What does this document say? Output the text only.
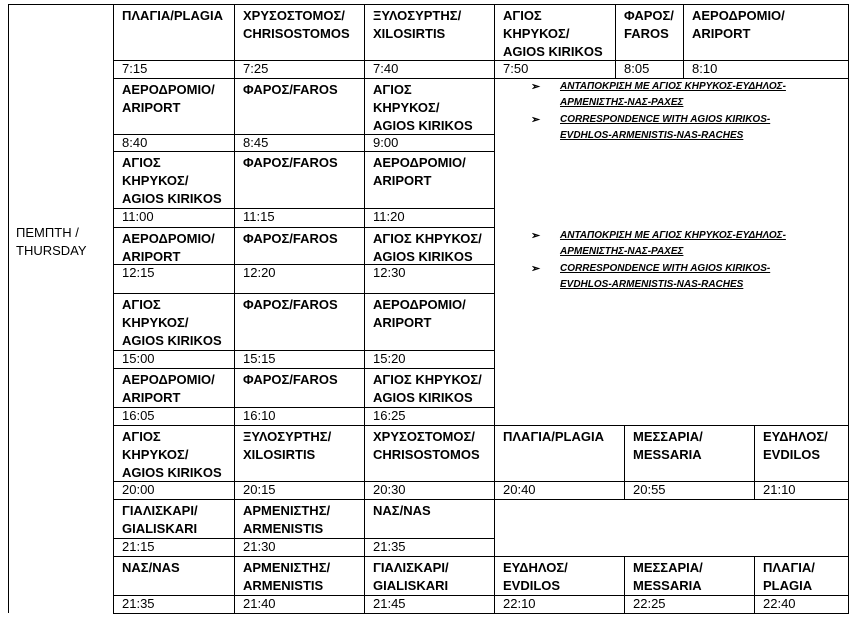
ΠΕΜΠΤΗ /
THURSDAY
ΠΛΑΓΙΑ/PLAGIA
7:15
ΧΡΥΣΟΣΤΟΜΟΣ/
CHRISOSTOMOS
7:25
ΞΥΛΟΣΥΡΤΗΣ/
XILOSIRTIS
7:40
ΑΓΙΟΣ
ΚΗΡΥΚΟΣ/
AGIOS KIRIKOS
7:50
ΦΑΡΟΣ/
FAROS
8:05
ΑΕΡΟΔΡΟΜΙΟ/
ARIPORT
8:10
ΑΕΡΟΔΡΟΜΙΟ/
ARIPORT
8:40
ΦΑΡΟΣ/FAROS
8:45
ΑΓΙΟΣ
ΚΗΡΥΚΟΣ/
AGIOS KIRIKOS
9:00
➢ ΑΝΤΑΠΟΚΡΙΣΗ ΜΕ ΑΓΙΟΣ ΚΗΡΥΚΟΣ-ΕΥΔΗΛΟΣ-
ΑΡΜΕΝΙΣΤΗΣ-ΝΑΣ-ΡΑΧΕΣ
➢ CORRESPONDENCE WITH AGIOS KIRIKOS-
EVDHLOS-ARMENISTIS-NAS-RACHES
ΑΓΙΟΣ
ΚΗΡΥΚΟΣ/
AGIOS KIRIKOS
11:00
ΦΑΡΟΣ/FAROS
11:15
ΑΕΡΟΔΡΟΜΙΟ/
ARIPORT
11:20
ΑΕΡΟΔΡΟΜΙΟ/
ARIPORT
12:15
ΦΑΡΟΣ/FAROS
12:20
ΑΓΙΟΣ ΚΗΡΥΚΟΣ/
AGIOS KIRIKOS
12:30
➢ ΑΝΤΑΠΟΚΡΙΣΗ ΜΕ ΑΓΙΟΣ ΚΗΡΥΚΟΣ-ΕΥΔΗΛΟΣ-
ΑΡΜΕΝΙΣΤΗΣ-ΝΑΣ-ΡΑΧΕΣ
➢ CORRESPONDENCE WITH AGIOS KIRIKOS-
EVDHLOS-ARMENISTIS-NAS-RACHES
ΑΓΙΟΣ
ΚΗΡΥΚΟΣ/
AGIOS KIRIKOS
15:00
ΦΑΡΟΣ/FAROS
15:15
ΑΕΡΟΔΡΟΜΙΟ/
ARIPORT
15:20
ΑΕΡΟΔΡΟΜΙΟ/
ARIPORT
16:05
ΦΑΡΟΣ/FAROS
16:10
ΑΓΙΟΣ ΚΗΡΥΚΟΣ/
AGIOS KIRIKOS
16:25
ΑΓΙΟΣ
ΚΗΡΥΚΟΣ/
AGIOS KIRIKOS
20:00
ΞΥΛΟΣΥΡΤΗΣ/
XILOSIRTIS
20:15
ΧΡΥΣΟΣΤΟΜΟΣ/
CHRISOSTOMOS
20:30
ΠΛΑΓΙΑ/PLAGIA
20:40
ΜΕΣΣΑΡΙΑ/
MESSARIA
20:55
ΕΥΔΗΛΟΣ/
EVDILOS
21:10
ΓΙΑΛΙΣΚΑΡΙ/
GIALISKARI
21:15
ΑΡΜΕΝΙΣΤΗΣ/
ARMENISTIS
21:30
ΝΑΣ/NAS
21:35
ΝΑΣ/NAS
21:35
ΑΡΜΕΝΙΣΤΗΣ/
ARMENISTIS
21:40
ΓΙΑΛΙΣΚΑΡΙ/
GIALISKARI
21:45
ΕΥΔΗΛΟΣ/
EVDILOS
22:10
ΜΕΣΣΑΡΙΑ/
MESSARIA
22:25
ΠΛΑΓΙΑ/
PLAGIA
22:40
